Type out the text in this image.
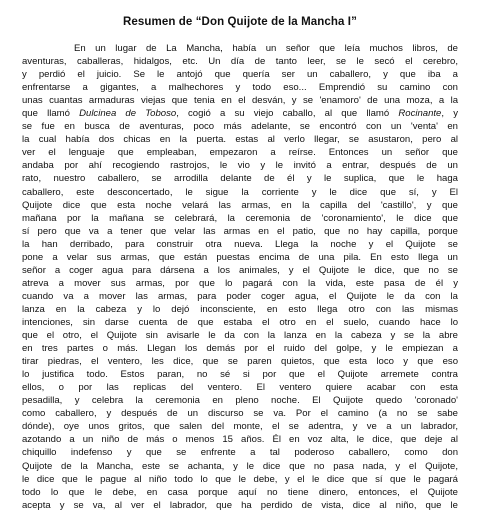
Resumen de “Don Quijote de la Mancha I”
En un lugar de La Mancha, había un señor que leía muchos libros, de
aventuras, caballeras, hidalgos, etc. Un día de tanto leer, se le secó el cerebro,
y perdió el juicio. Se le antojó que quería ser un caballero, y que iba a
enfrentarse a gigantes, a malhechores y todo eso... Emprendió su camino con
unas cuantas armaduras viejas que tenia en el desván, y se 'enamoro' de una moza, a la
que llamó Dulcinea de Toboso, cogió a su viejo caballo, al que llamó Rocinante, y
se fue en busca de aventuras, poco más adelante, se encontró con un 'venta' en
la cual había dos chicas en la puerta. estas al verlo llegar, se asustaron, pero al
ver el lenguaje que empleaban, empezaron a reírse. Entonces un señor que
andaba por ahí recogiendo rastrojos, le vio y le invitó a entrar, después de un
rato, nuestro caballero, se arrodilla delante de él y le suplica, que le haga
caballero, este desconcertado, le sigue la corriente y le dice que sí, y El
Quijote dice que esta noche velará las armas, en la capilla del 'castillo', y que
mañana por la mañana se celebrará, la ceremonia de 'coronamiento', le dice que
sí pero que va a tener que velar las armas en el patio, que no hay capilla, porque
la han derribado, para construir otra nueva. Llega la noche y el Quijote se
pone a velar sus armas, que están puestas encima de una pila. En esto llega un
señor a coger agua para dársena a los animales, y el Quijote le dice, que no se
atreva a mover sus armas, por que lo pagará con la vida, este pasa de él y
cuando va a mover las armas, para poder coger agua, el Quijote le da con la
lanza en la cabeza y lo dejó inconsciente, en esto llega otro con las mismas
intenciones, sin darse cuenta de que estaba el otro en el suelo, cuando hace lo
que el otro, el Quijote sin avisarle le da con la lanza en la cabeza y se la abre
en tres partes o más. Llegan los demás por el ruido del golpe, y le empiezan a
tirar piedras, el ventero, les dice, que se paren quietos, que esta loco y que eso
lo justifica todo. Estos paran, no sé si por que el Quijote arremete contra
ellos, o por las replicas del ventero. El ventero quiere acabar con esta
pesadilla, y celebra la ceremonia en pleno noche. El Quijote quedo 'coronado'
como caballero, y después de un discurso se va. Por el camino (a no se sabe
dónde), oye unos gritos, que salen del monte, el se adentra, y ve a un labrador,
azotando a un niño de más o menos 15 años. Él en voz alta, le dice, que deje al
chiquillo indefenso y que se enfrente a tal poderoso caballero, como don
Quijote de la Mancha, este se achanta, y le dice que no pasa nada, y el Quijote,
le dice que le pague al niño todo lo que le debe, y el le dice que sí que le pagará
todo lo que le debe, en casa porque aquí no tiene dinero, entonces, el Quijote
acepta y se va, al ver el labrador, que ha perdido de vista, dice al niño, que le
